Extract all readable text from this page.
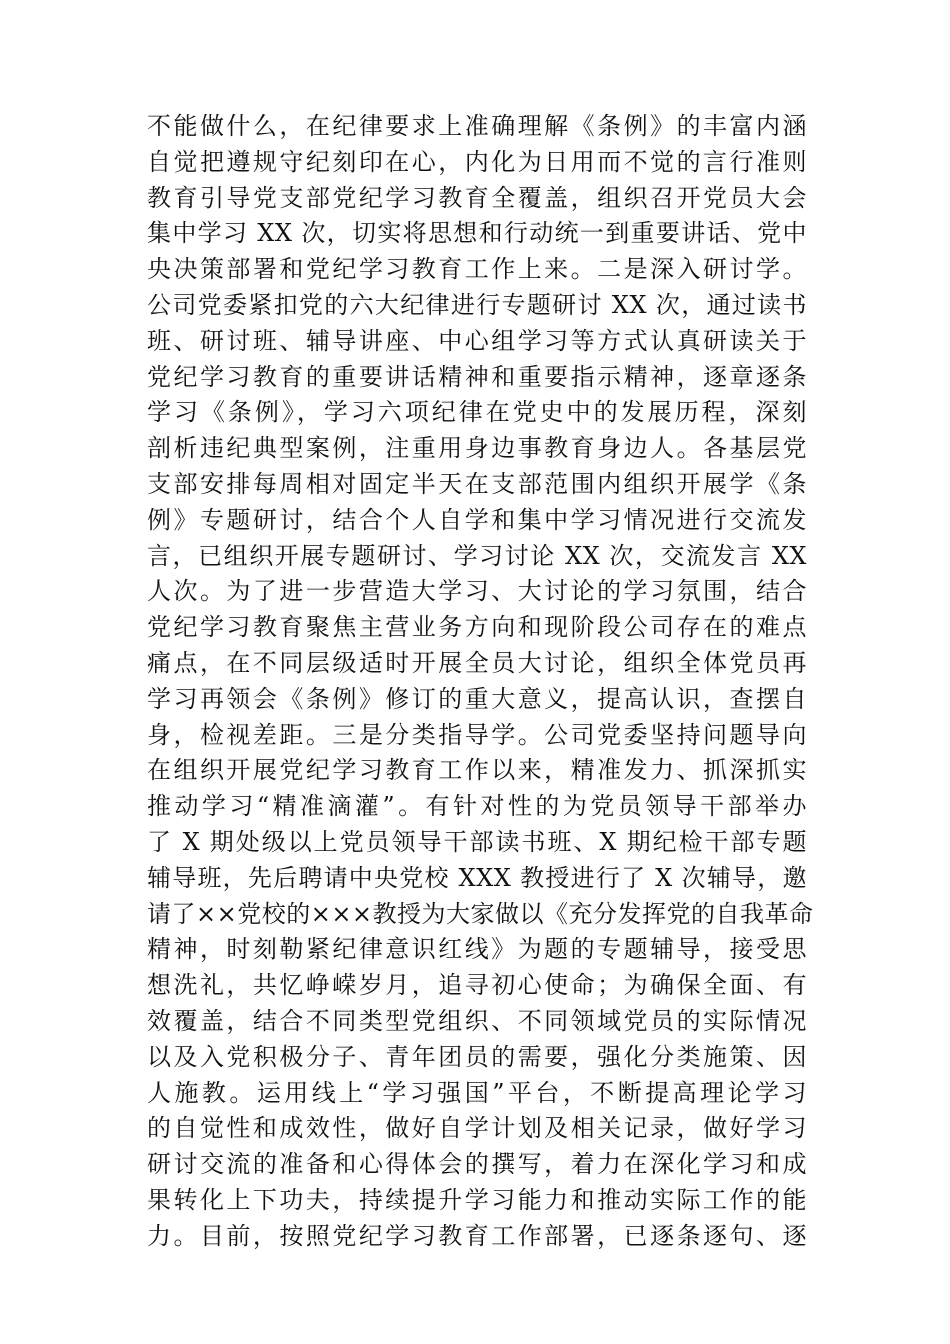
不能做什么，在纪律要求上准确理解《条例》的丰富内涵
自觉把遵规守纪刻印在心，内化为日用而不觉的言行准则
教育引导党支部党纪学习教育全覆盖，组织召开党员大会
集中学习 XX 次，切实将思想和行动统一到重要讲话、党中
央决策部署和党纪学习教育工作上来。二是深入研讨学。
公司党委紧扣党的六大纪律进行专题研讨 XX 次，通过读书
班、研讨班、辅导讲座、中心组学习等方式认真研读关于
党纪学习教育的重要讲话精神和重要指示精神，逐章逐条
学习《条例》，学习六项纪律在党史中的发展历程，深刻
剖析违纪典型案例，注重用身边事教育身边人。各基层党
支部安排每周相对固定半天在支部范围内组织开展学《条
例》专题研讨，结合个人自学和集中学习情况进行交流发
言，已组织开展专题研讨、学习讨论 XX 次，交流发言 XX
人次。为了进一步营造大学习、大讨论的学习氛围，结合
党纪学习教育聚焦主营业务方向和现阶段公司存在的难点
痛点，在不同层级适时开展全员大讨论，组织全体党员再
学习再领会《条例》修订的重大意义，提高认识，查摆自
身，检视差距。三是分类指导学。公司党委坚持问题导向
在组织开展党纪学习教育工作以来，精准发力、抓深抓实
推动学习“精准滴灌”。有针对性的为党员领导干部举办
了 X 期处级以上党员领导干部读书班、X 期纪检干部专题
辅导班，先后聘请中央党校 XXX 教授进行了 X 次辅导，邀
请了××党校的×××教授为大家做以《充分发挥党的自我革命
精神，时刻勒紧纪律意识红线》为题的专题辅导，接受思
想洗礼，共忆峥嵘岁月，追寻初心使命；为确保全面、有
效覆盖，结合不同类型党组织、不同领域党员的实际情况
以及入党积极分子、青年团员的需要，强化分类施策、因
人施教。运用线上“学习强国”平台，不断提高理论学习
的自觉性和成效性，做好自学计划及相关记录，做好学习
研讨交流的准备和心得体会的撰写，着力在深化学习和成
果转化上下功夫，持续提升学习能力和推动实际工作的能
力。目前，按照党纪学习教育工作部署，已逐条逐句、逐
